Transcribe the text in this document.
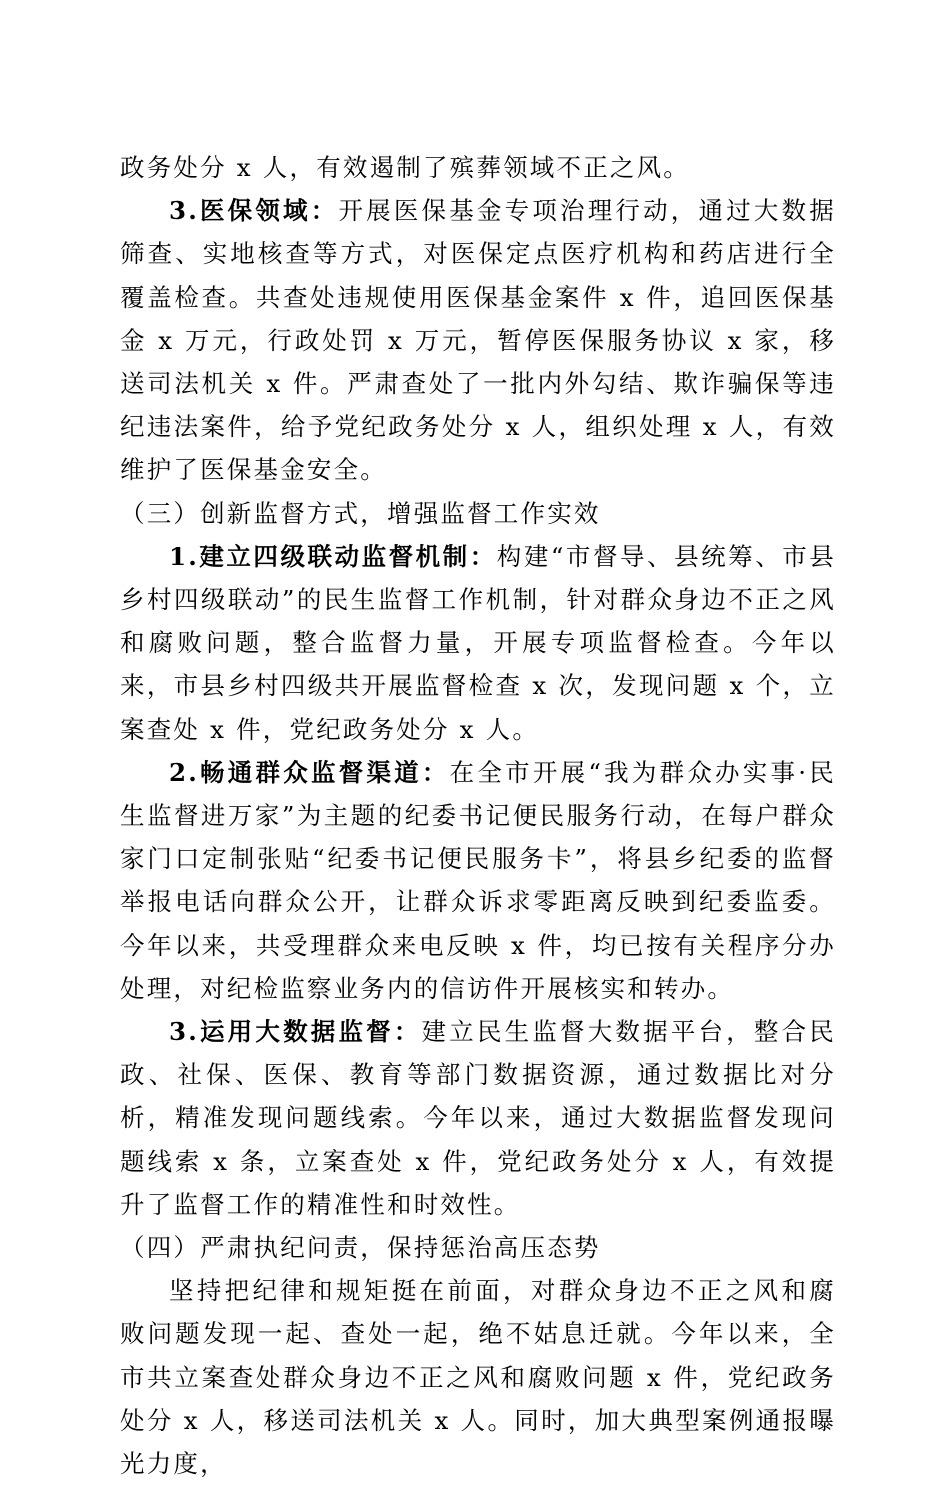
政务处分 x 人，有效遏制了殡葬领域不正之风。

3.医保领域：开展医保基金专项治理行动，通过大数据筛查、实地核查等方式，对医保定点医疗机构和药店进行全覆盖检查。共查处违规使用医保基金案件 x 件，追回医保基金 x 万元，行政处罚 x 万元，暂停医保服务协议 x 家，移送司法机关 x 件。严肃查处了一批内外勾结、欺诈骗保等违纪违法案件，给予党纪政务处分 x 人，组织处理 x 人，有效维护了医保基金安全。

（三）创新监督方式，增强监督工作实效

1.建立四级联动监督机制：构建“市督导、县统筹、市县乡村四级联动”的民生监督工作机制，针对群众身边不正之风和腐败问题，整合监督力量，开展专项监督检查。今年以来，市县乡村四级共开展监督检查 x 次，发现问题 x 个，立案查处 x 件，党纪政务处分 x 人。

2.畅通群众监督渠道：在全市开展“我为群众办实事·民生监督进万家”为主题的纪委书记便民服务行动，在每户群众家门口定制张贴“纪委书记便民服务卡”，将县乡纪委的监督举报电话向群众公开，让群众诉求零距离反映到纪委监委。今年以来，共受理群众来电反映 x 件，均已按有关程序分办处理，对纪检监察业务内的信访件开展核实和转办。

3.运用大数据监督：建立民生监督大数据平台，整合民政、社保、医保、教育等部门数据资源，通过数据比对分析，精准发现问题线索。今年以来，通过大数据监督发现问题线索 x 条，立案查处 x 件，党纪政务处分 x 人，有效提升了监督工作的精准性和时效性。

（四）严肃执纪问责，保持惩治高压态势

坚持把纪律和规矩挺在前面，对群众身边不正之风和腐败问题发现一起、查处一起，绝不姑息迁就。今年以来，全市共立案查处群众身边不正之风和腐败问题 x 件，党纪政务处分 x 人，移送司法机关 x 人。同时，加大典型案例通报曝光力度，
